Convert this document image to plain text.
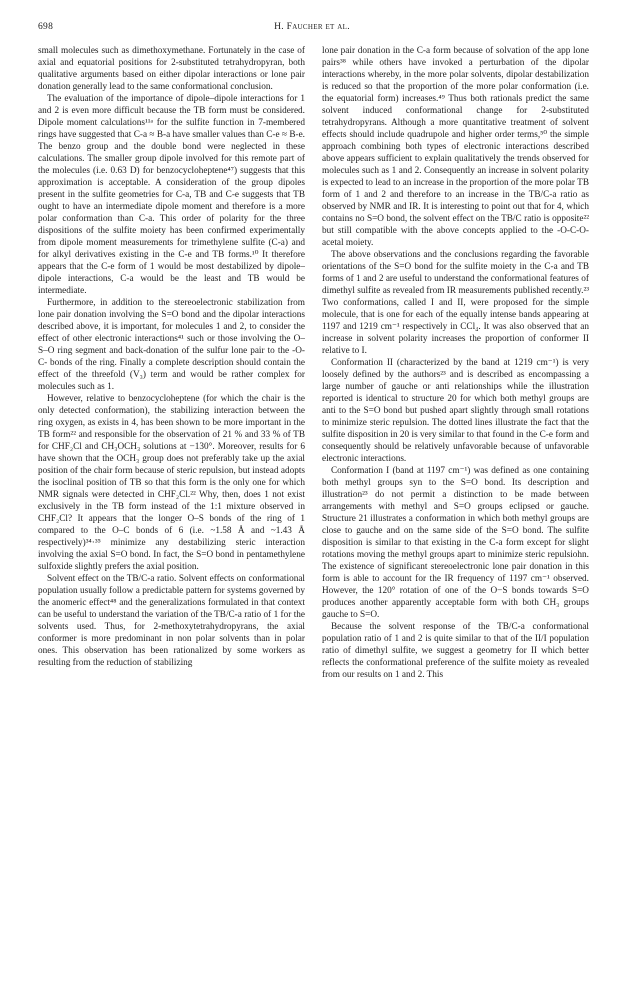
698	H. Faucher et al.

small molecules such as dimethoxymethane. Fortunately in the case of axial and equatorial positions for 2-substituted tetrahydropyran, both qualitative arguments based on either dipolar interactions or lone pair donation generally lead to the same conformational conclusion.

The evaluation of the importance of dipole–dipole interactions for 1 and 2 is even more difficult because the TB form must be considered. Dipole moment calculations¹¹ᵃ for the sulfite function in 7-membered rings have suggested that C-a ≈ B-a have smaller values than C-e ≈ B-e. The benzo group and the double bond were neglected in these calculations. The smaller group dipole involved for this remote part of the molecules (i.e. 0.63 D) for benzocycloheptene⁴⁷) suggests that this approximation is acceptable. A consideration of the group dipoles present in the sulfite geometries for C-a, TB and C-e suggests that TB ought to have an intermediate dipole moment and therefore is a more polar conformation than C-a. This order of polarity for the three dispositions of the sulfite moiety has been confirmed experimentally from dipole moment measurements for trimethylene sulfite (C-a) and for alkyl derivatives existing in the C-e and TB forms.¹⁰ It therefore appears that the C-e form of 1 would be most destabilized by dipole–dipole interactions, C-a would be the least and TB would be intermediate.

Furthermore, in addition to the stereoelectronic stabilization from lone pair donation involving the S=O bond and the dipolar interactions described above, it is important, for molecules 1 and 2, to consider the effect of other electronic interactions⁴¹ such or those involving the O–S–O ring segment and back-donation of the sulfur lone pair to the -O-C- bonds of the ring. Finally a complete description should contain the effect of the threefold (V₃) term and would be rather complex for molecules such as 1.

However, relative to benzocycloheptene (for which the chair is the only detected conformation), the stabilizing interaction between the ring oxygen, as exists in 4, has been shown to be more important in the TB form²² and responsible for the observation of 21 % and 33 % of TB for CHF₂Cl and CH₃OCH₃ solutions at −130°. Moreover, results for 6 have shown that the OCH₃ group does not preferably take up the axial position of the chair form because of steric repulsion, but instead adopts the isoclinal position of TB so that this form is the only one for which NMR signals were detected in CHF₂Cl.²² Why, then, does 1 not exist exclusively in the TB form instead of the 1:1 mixture observed in CHF₂Cl? It appears that the longer O–S bonds of the ring of 1 compared to the O–C bonds of 6 (i.e. ~1.58 Å and ~1.43 Å respectively)³⁴·³⁵ minimize any destabilizing steric interaction involving the axial S=O bond. In fact, the S=O bond in pentamethylene sulfoxide slightly prefers the axial position.

Solvent effect on the TB/C-a ratio. Solvent effects on conformational population usually follow a predictable pattern for systems governed by the anomeric effect⁴⁸ and the generalizations formulated in that context can be useful to understand the variation of the TB/C-a ratio of 1 for the solvents used. Thus, for 2-methoxytetrahydropyrans, the axial conformer is more predominant in non polar solvents than in polar ones. This observation has been rationalized by some workers as resulting from the reduction of stabilizing

lone pair donation in the C-a form because of solvation of the app lone pairs³⁸ while others have invoked a perturbation of the dipolar interactions whereby, in the more polar solvents, dipolar destabilization is reduced so that the proportion of the more polar conformation (i.e. the equatorial form) increases.⁴⁹ Thus both rationals predict the same solvent induced conformational change for 2-substituted tetrahydropyrans. Although a more quantitative treatment of solvent effects should include quadrupole and higher order terms,⁵⁰ the simple approach combining both types of electronic interactions described above appears sufficient to explain qualitatively the trends observed for molecules such as 1 and 2. Consequently an increase in solvent polarity is expected to lead to an increase in the proportion of the more polar TB form of 1 and 2 and therefore to an increase in the TB/C-a ratio as observed by NMR and IR. It is interesting to point out that for 4, which contains no S=O bond, the solvent effect on the TB/C ratio is opposite²² but still compatible with the above concepts applied to the -O-C-O- acetal moiety.

The above observations and the conclusions regarding the favorable orientations of the S=O bond for the sulfite moiety in the C-a and TB forms of 1 and 2 are useful to understand the conformational features of dimethyl sulfite as revealed from IR measurements published recently.²³ Two conformations, called I and II, were proposed for the simple molecule, that is one for each of the equally intense bands appearing at 1197 and 1219 cm⁻¹ respectively in CCl₄. It was also observed that an increase in solvent polarity increases the proportion of conformer II relative to I.

Conformation II (characterized by the band at 1219 cm⁻¹) is very loosely defined by the authors²³ and is described as encompassing a large number of gauche or anti relationships while the illustration reported is identical to structure 20 for which both methyl groups are anti to the S=O bond but pushed apart slightly through small rotations to minimize steric repulsion. The dotted lines illustrate the fact that the sulfite disposition in 20 is very similar to that found in the C-e form and consequently should be relatively unfavorable because of unfavorable electronic interactions.

Conformation I (band at 1197 cm⁻¹) was defined as one containing both methyl groups syn to the S=O bond. Its description and illustration²³ do not permit a distinction to be made between arrangements with methyl and S=O groups eclipsed or gauche. Structure 21 illustrates a conformation in which both methyl groups are close to gauche and on the same side of the S=O bond. The sulfite disposition is similar to that existing in the C-a form except for slight rotations moving the methyl groups apart to minimize steric repulsiohn. The existence of significant stereoelectronic lone pair donation in this form is able to account for the IR frequency of 1197 cm⁻¹ observed. However, the 120° rotation of one of the O−S bonds towards S=O produces another apparently acceptable form with both CH₃ groups gauche to S=O.

Because the solvent response of the TB/C-a conformational population ratio of 1 and 2 is quite similar to that of the II/I population ratio of dimethyl sulfite, we suggest a geometry for II which better reflects the conformational preference of the sulfite moiety as revealed from our results on 1 and 2. This
